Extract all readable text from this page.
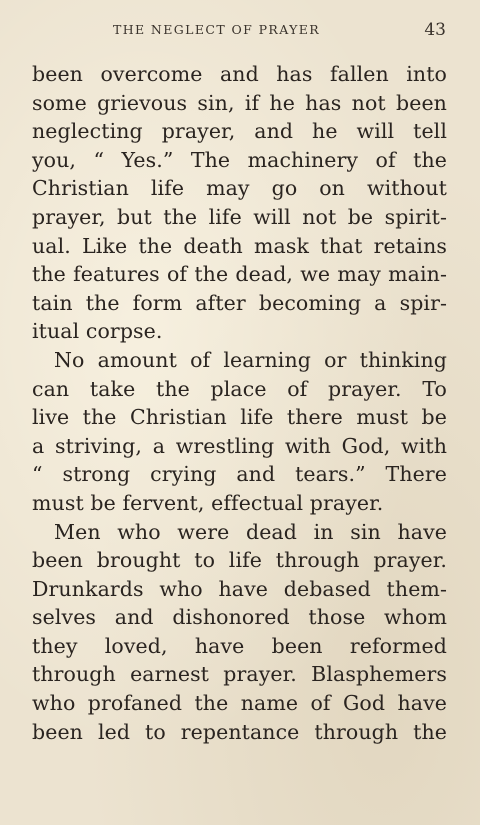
THE NEGLECT OF PRAYER	43

been overcome and has fallen into
some grievous sin, if he has not been
neglecting prayer, and he will tell
you, “ Yes.” The machinery of the
Christian life may go on without
prayer, but the life will not be spirit-
ual. Like the death mask that retains
the features of the dead, we may main-
tain the form after becoming a spir-
itual corpse.

No amount of learning or thinking
can take the place of prayer. To
live the Christian life there must be
a striving, a wrestling with God, with
“ strong crying and tears.” There
must be fervent, effectual prayer.

Men who were dead in sin have
been brought to life through prayer.
Drunkards who have debased them-
selves and dishonored those whom
they loved, have been reformed
through earnest prayer. Blasphemers
who profaned the name of God have
been led to repentance through the
